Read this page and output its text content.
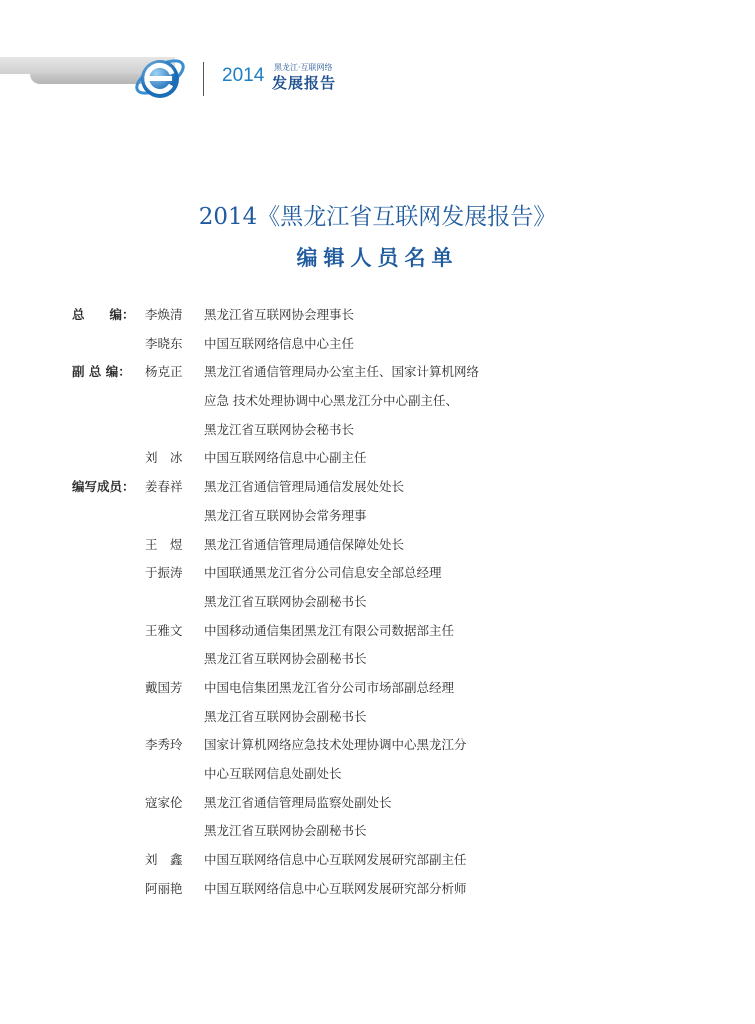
2014 黑龙江·互联网络
发展报告
2014《黑龙江省互联网发展报告》
编辑人员名单
总　　编： 李焕清	黑龙江省互联网协会理事长
李晓东	中国互联网络信息中心主任
副 总 编：	杨克正	黑龙江省通信管理局办公室主任、国家计算机网络
应急 技术处理协调中心黑龙江分中心副主任、
黑龙江省互联网协会秘书长
刘　冰	中国互联网络信息中心副主任
编写成员： 姜春祥	黑龙江省通信管理局通信发展处处长
黑龙江省互联网协会常务理事
王　煜	黑龙江省通信管理局通信保障处处长
于振涛	中国联通黑龙江省分公司信息安全部总经理
黑龙江省互联网协会副秘书长
王雅文	中国移动通信集团黑龙江有限公司数据部主任
黑龙江省互联网协会副秘书长
戴国芳	中国电信集团黑龙江省分公司市场部副总经理
黑龙江省互联网协会副秘书长
李秀玲	国家计算机网络应急技术处理协调中心黑龙江分
中心互联网信息处副处长
寇家伦	黑龙江省通信管理局监察处副处长
黑龙江省互联网协会副秘书长
刘　鑫	中国互联网络信息中心互联网发展研究部副主任
阿丽艳	中国互联网络信息中心互联网发展研究部分析师
